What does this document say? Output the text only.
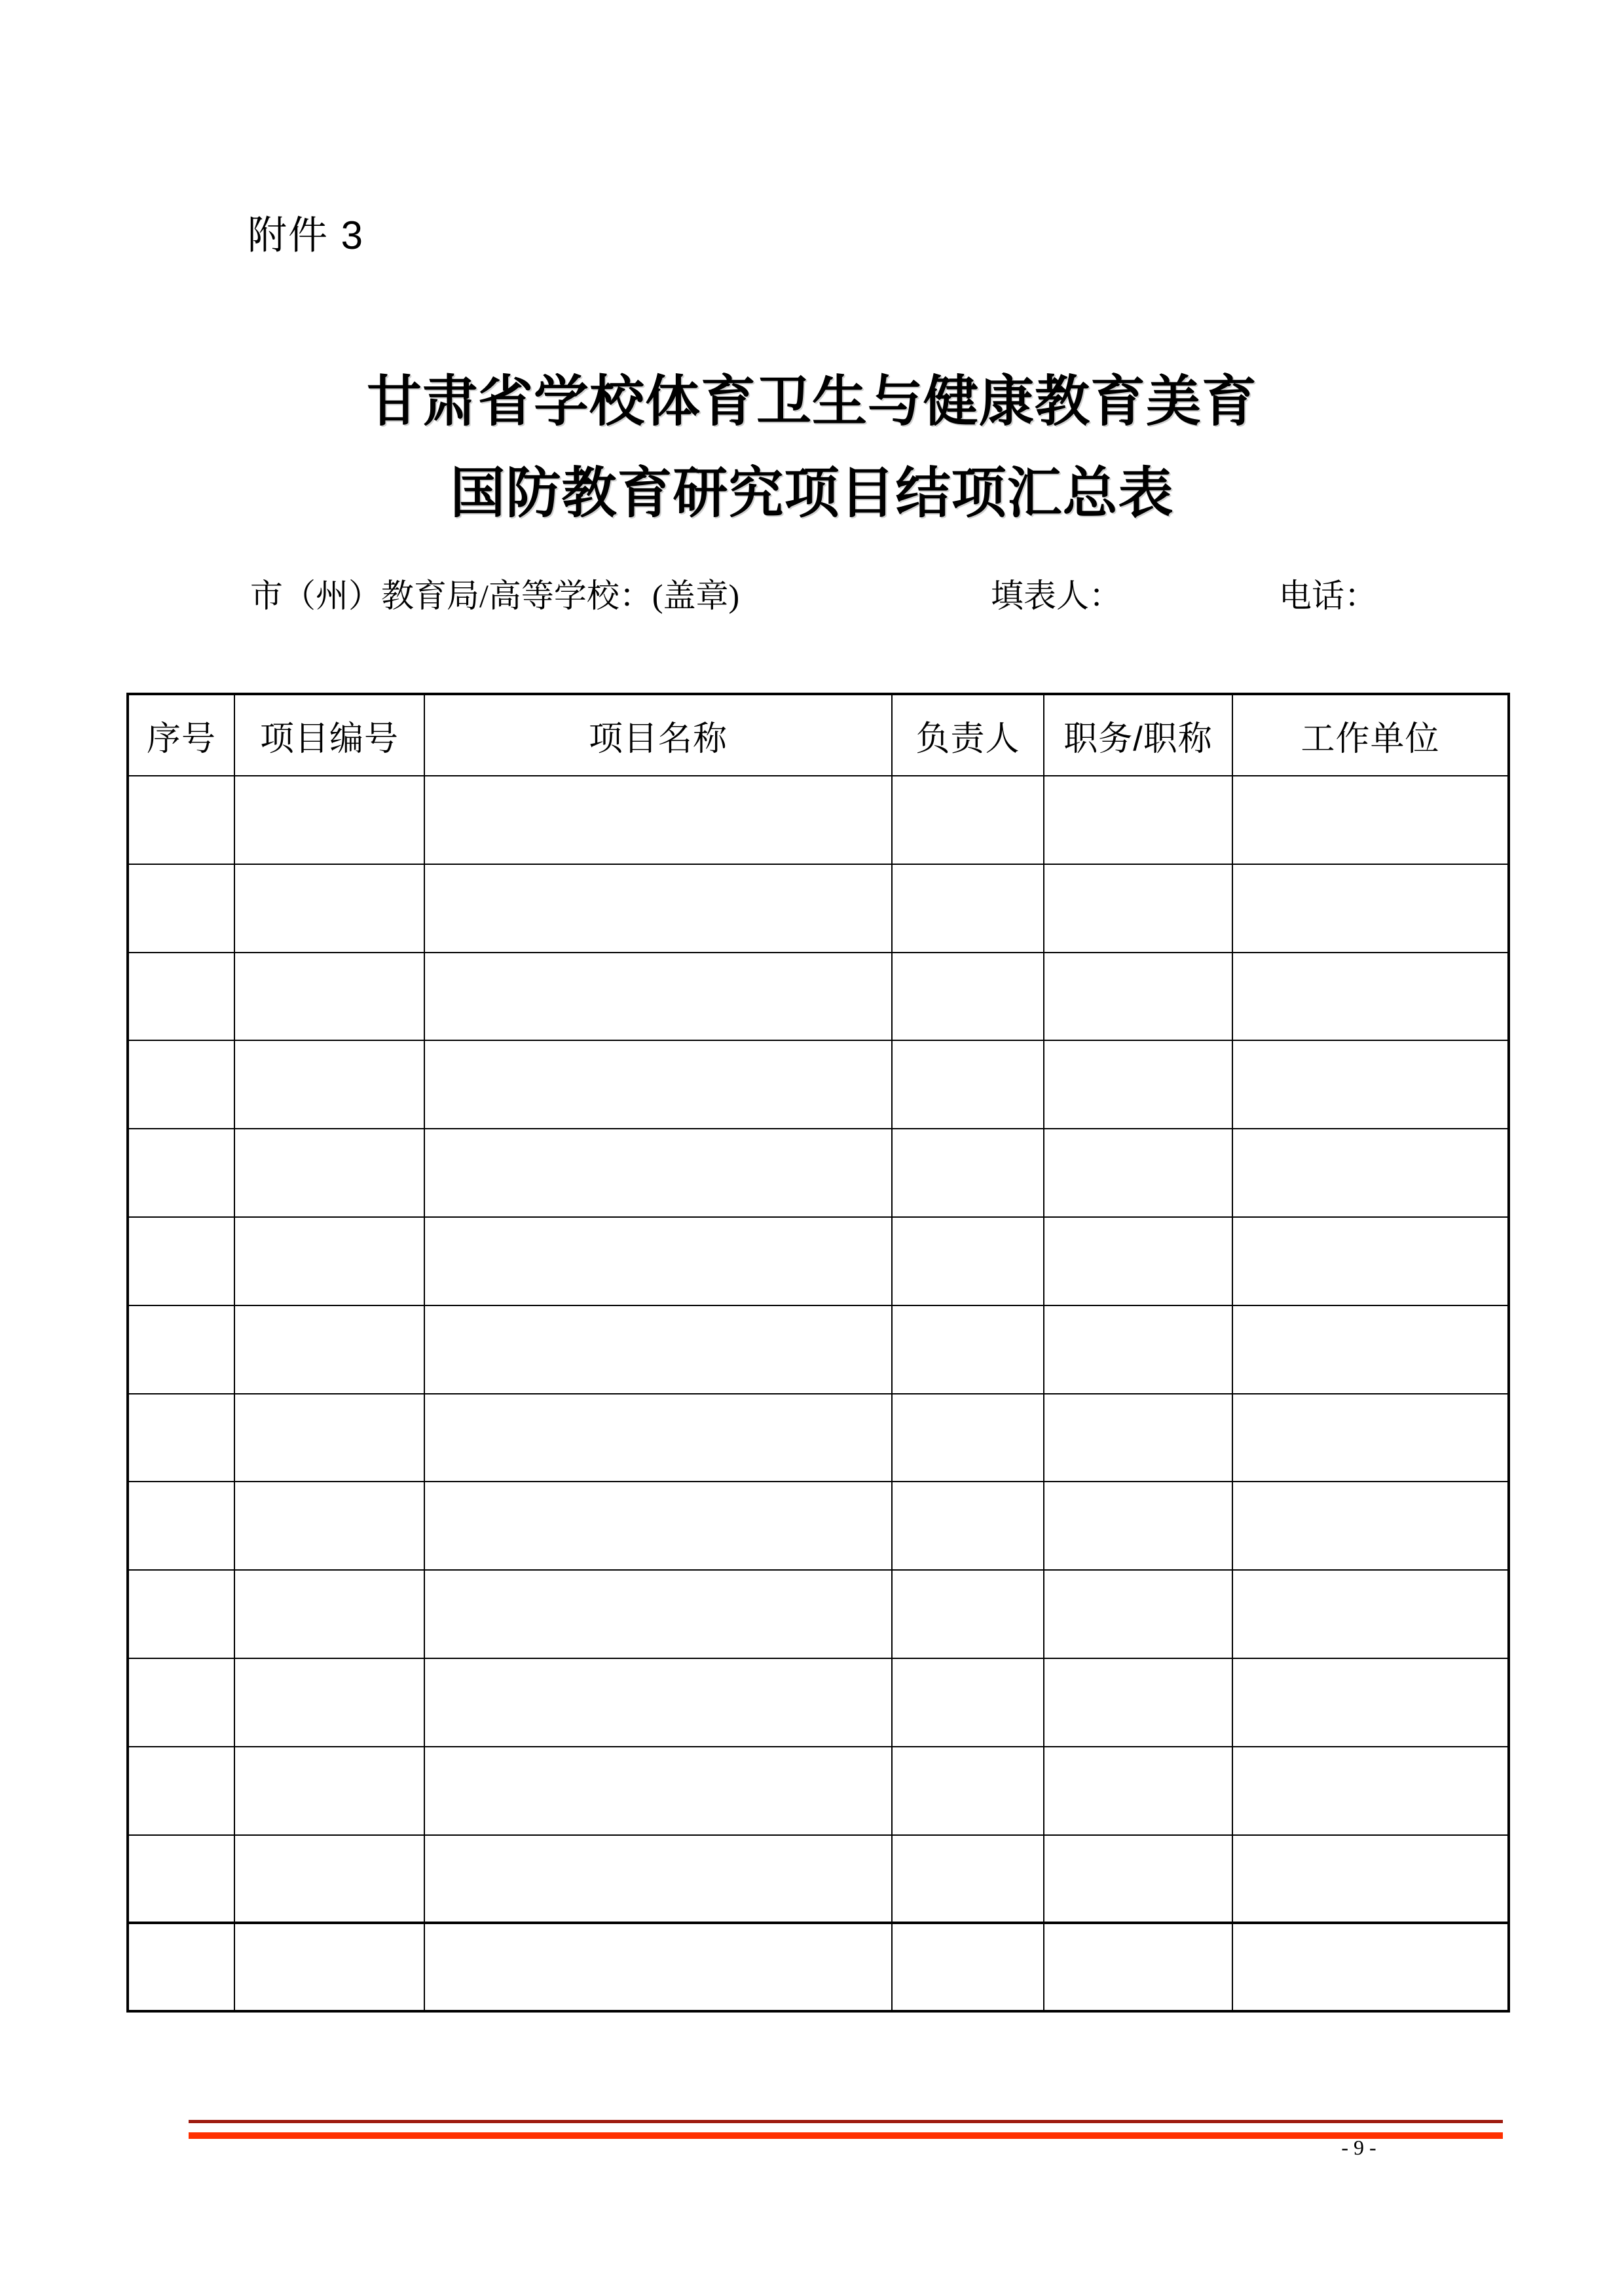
附件 3
甘肃省学校体育卫生与健康教育美育
国防教育研究项目结项汇总表
市（州）教育局/高等学校：(盖章)	填表人：	电话：
序号	项目编号	项目名称	负责人	职务/职称	工作单位

- 9 -
